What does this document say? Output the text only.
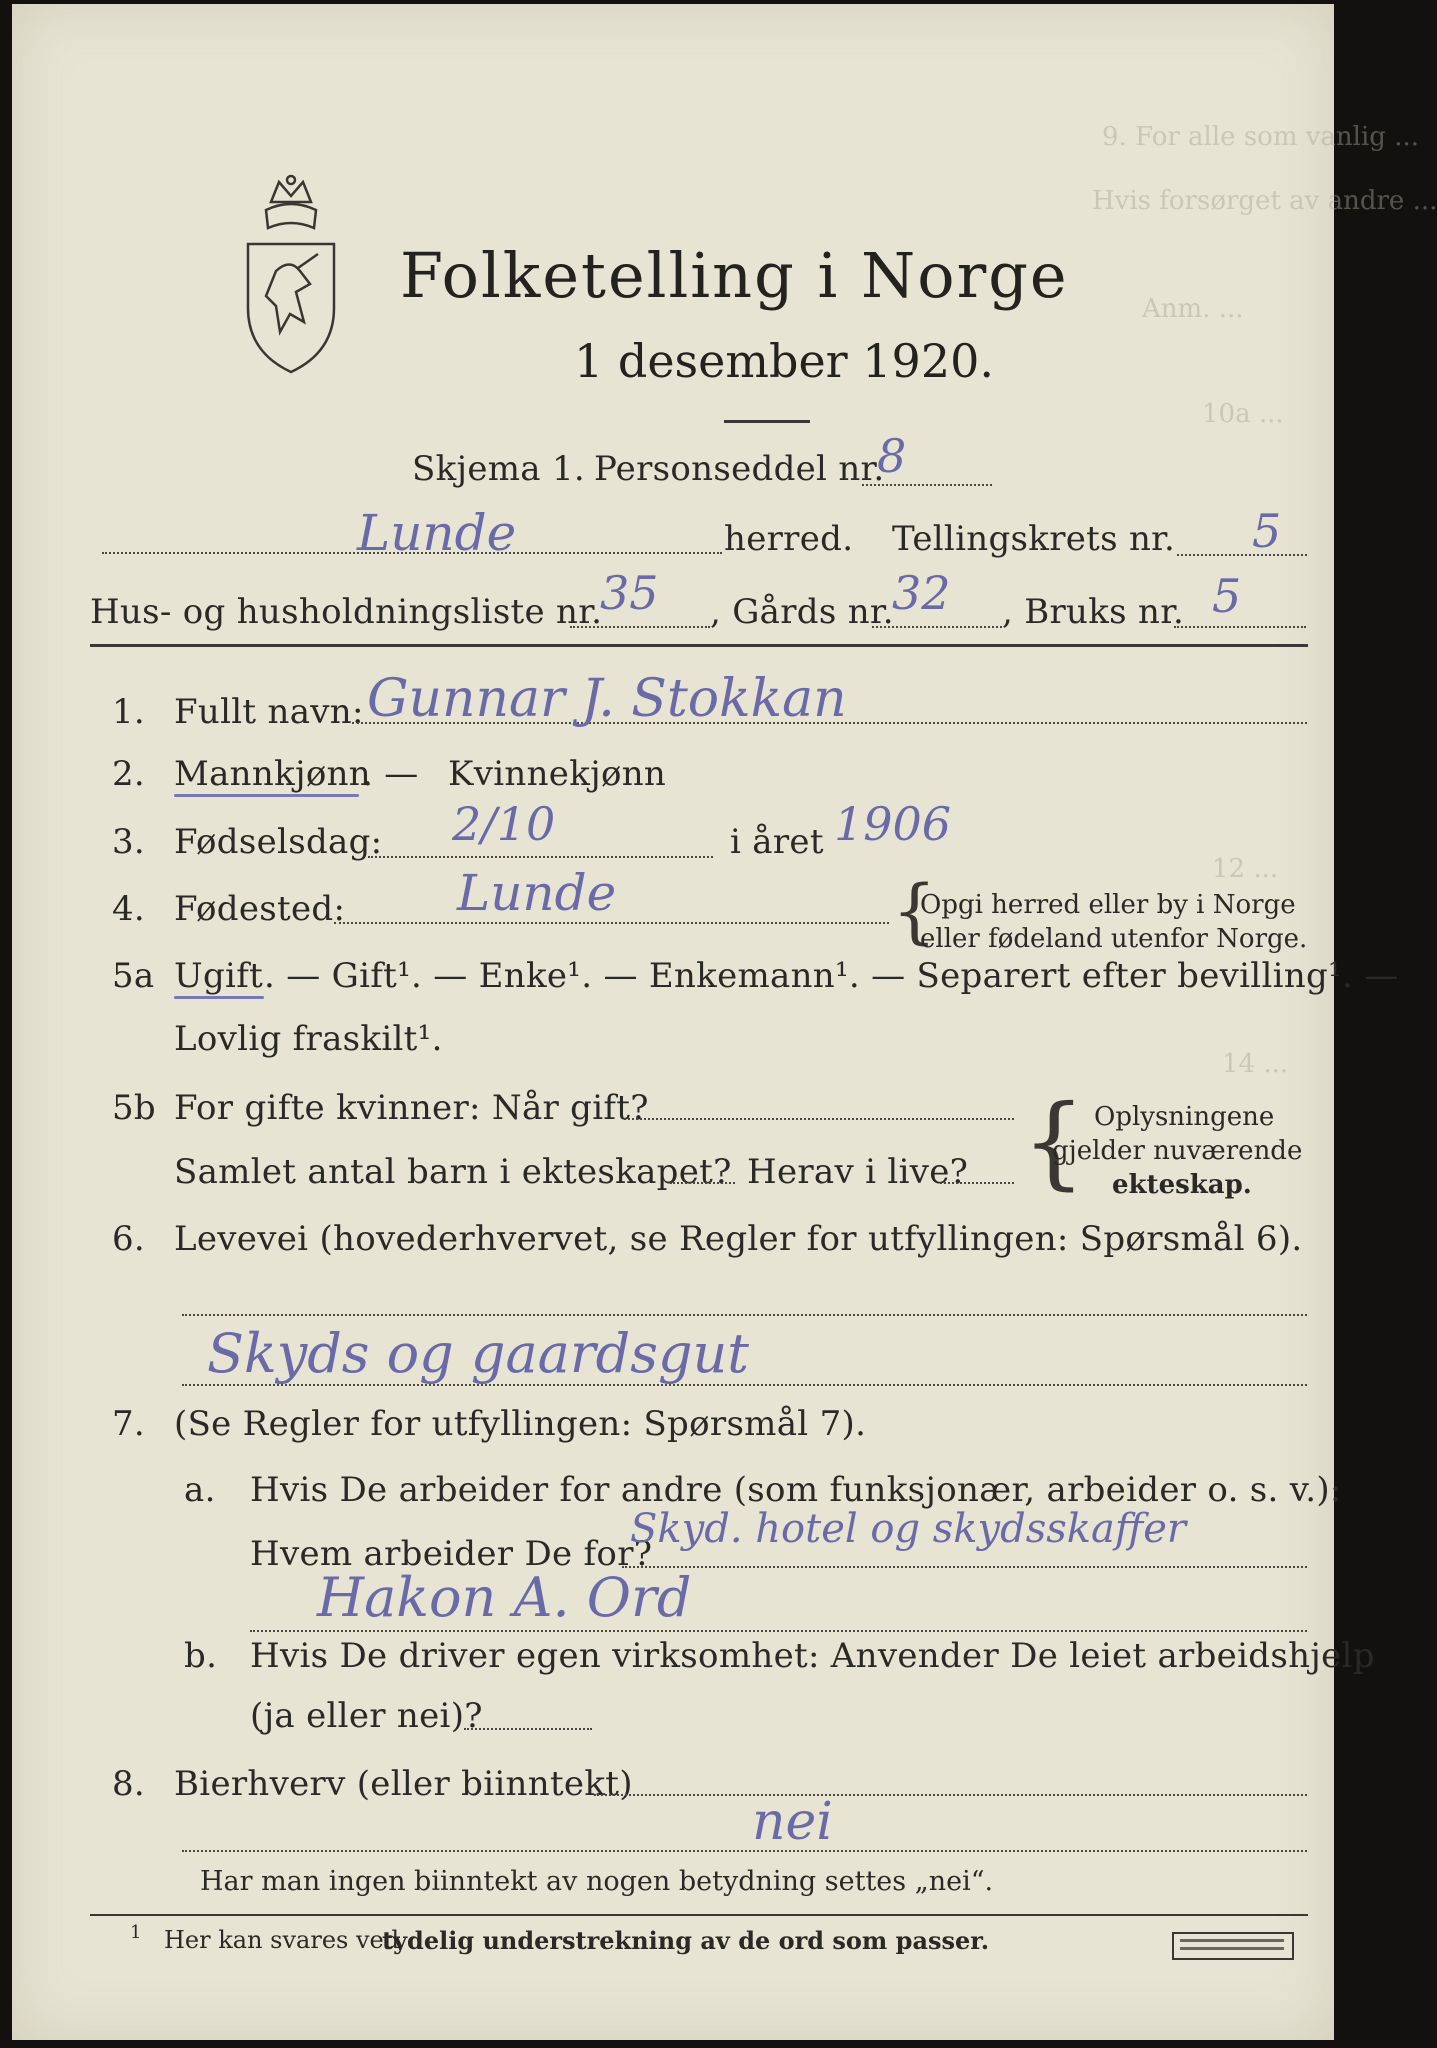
9. For alle som vanlig ...
Hvis forsørget av andre ...
Anm. ...
10a ...
12 ...
14 ...
Folketelling i Norge
1 desember 1920.
Skjema 1. Personseddel nr.
8
Lunde	herred. Tellingskrets nr. 5
Hus- og husholdningsliste nr.
35 , Gårds nr.
32 , Bruks nr. 5
1. Fullt navn: Gunnar J. Stokkan
2. Mannkjønn
. — Kvinnekjønn
3. Fødselsdag: 2/10	i året 1906
4. Fødested: Lunde	{
Opgi herred eller by i Norge
eller fødeland utenfor Norge.
5a Ugift . — Gift¹. — Enke¹. — Enkemann¹. — Separert efter bevilling¹. —
Lovlig fraskilt¹.
5b For gifte kvinner: Når gift?
Samlet antal barn i ekteskapet? Herav i live? { Oplysningene
gjelder nuværende
ekteskap.
6. Levevei (hovederhvervet, se Regler for utfyllingen: Spørsmål 6).
Skyds og gaardsgut
7. (Se Regler for utfyllingen: Spørsmål 7).
a. Hvis De arbeider for andre (som funksjonær, arbeider o. s. v.):
Hvem arbeider De for?
Skyd. hotel og skydsskaffer
Hakon A. Ord
b. Hvis De driver egen virksomhet: Anvender De leiet arbeidshjelp
(ja eller nei)?
8. Bierhverv (eller biinntekt)
nei
Har man ingen biinntekt av nogen betydning settes „nei“.
1 Her kan svares ved
tydelig understrekning av de ord som passer.
